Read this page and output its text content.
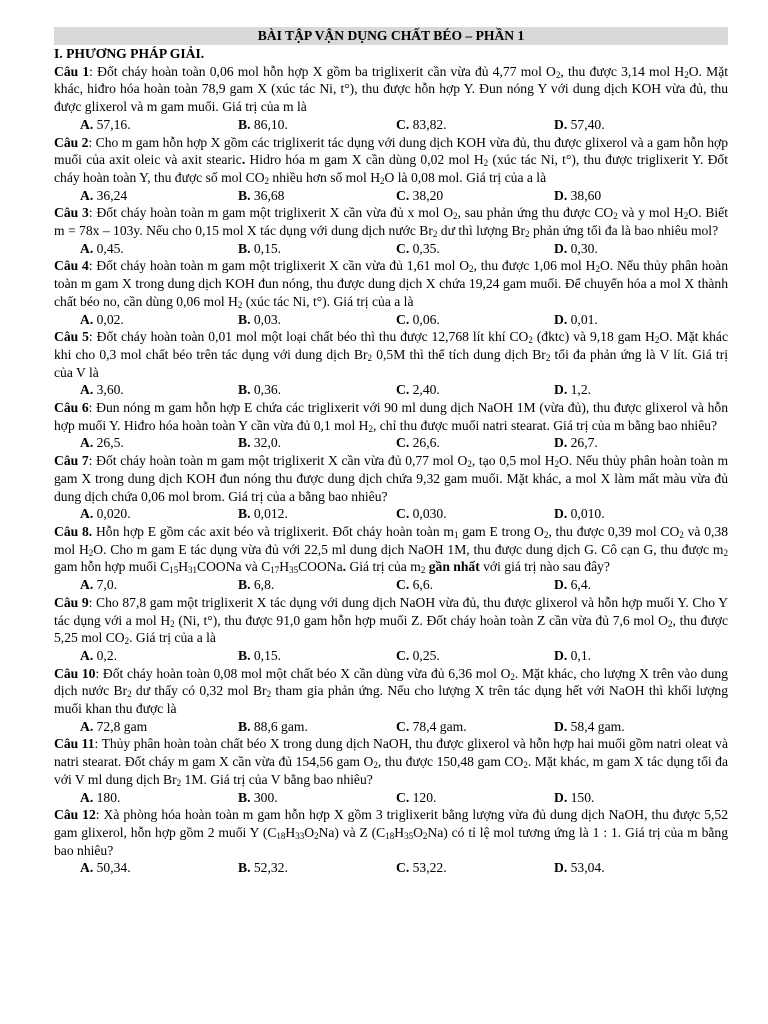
BÀI TẬP VẬN DỤNG CHẤT BÉO – PHẦN 1
I. PHƯƠNG PHÁP GIẢI.
Câu 1: Đốt cháy hoàn toàn 0,06 mol hỗn hợp X gồm ba triglixerit cần vừa đủ 4,77 mol $O_2$, thu được 3,14 mol $H_2O$. Mặt khác, hiđro hóa hoàn toàn 78,9 gam X (xúc tác Ni, t°), thu được hỗn hợp Y. Đun nóng Y với dung dịch KOH vừa đủ, thu được glixerol và m gam muối. Giá trị của m là
A. 57,16.	B. 86,10.	C. 83,82.	D. 57,40.
Câu 2: Cho m gam hỗn hợp X gồm các triglixerit tác dụng với dung dịch KOH vừa đủ, thu được glixerol và a gam hỗn hợp muối của axit oleic và axit stearic. Hidro hóa m gam X cần dùng 0,02 mol $H_2$ (xúc tác Ni, t°), thu được triglixerit Y. Đốt cháy hoàn toàn Y, thu được số mol $CO_2$ nhiều hơn số mol $H_2O$ là 0,08 mol. Giá trị của a là
A. 36,24	B. 36,68	C. 38,20	D. 38,60
Câu 3: Đốt cháy hoàn toàn m gam một triglixerit X cần vừa đủ x mol $O_2$, sau phản ứng thu được $CO_2$ và y mol $H_2O$. Biết m = 78x – 103y. Nếu cho 0,15 mol X tác dụng với dung dịch nước $Br_2$ dư thì lượng $Br_2$ phản ứng tối đa là bao nhiêu mol?
A. 0,45.	B. 0,15.	C. 0,35.	D. 0,30.
Câu 4: Đốt cháy hoàn toàn m gam một triglixerit X cần vừa đủ 1,61 mol $O_2$, thu được 1,06 mol $H_2O$. Nếu thủy phân hoàn toàn m gam X trong dung dịch KOH đun nóng, thu được dung dịch X chứa 19,24 gam muối. Để chuyển hóa a mol X thành chất béo no, cần dùng 0,06 mol $H_2$ (xúc tác Ni, t°). Giá trị của a là
A. 0,02.	B. 0,03.	C. 0,06.	D. 0,01.
Câu 5: Đốt cháy hoàn toàn 0,01 mol một loại chất béo thì thu được 12,768 lít khí $CO_2$ (đktc) và 9,18 gam $H_2O$. Mặt khác khi cho 0,3 mol chất béo trên tác dụng với dung dịch $Br_2$ 0,5M thì thể tích dung dịch $Br_2$ tối đa phản ứng là V lít. Giá trị của V là
A. 3,60.	B. 0,36.	C. 2,40.	D. 1,2.
Câu 6: Đun nóng m gam hỗn hợp E chứa các triglixerit với 90 ml dung dịch NaOH 1M (vừa đủ), thu được glixerol và hỗn hợp muối Y. Hiđro hóa hoàn toàn Y cần vừa đủ 0,1 mol $H_2$, chỉ thu được muối natri stearat. Giá trị của m bằng bao nhiêu?
A. 26,5.	B. 32,0.	C. 26,6.	D. 26,7.
Câu 7: Đốt cháy hoàn toàn m gam một triglixerit X cần vừa đủ 0,77 mol $O_2$, tạo 0,5 mol $H_2O$. Nếu thủy phân hoàn toàn m gam X trong dung dịch KOH đun nóng thu được dung dịch chứa 9,32 gam muối. Mặt khác, a mol X làm mất màu vừa đủ dung dịch chứa 0,06 mol brom. Giá trị của a bằng bao nhiêu?
A. 0,020.	B. 0,012.	C. 0,030.	D. 0,010.
Câu 8. Hỗn hợp E gồm các axit béo và triglixerit. Đốt cháy hoàn toàn $m_1$ gam E trong $O_2$, thu được 0,39 mol $CO_2$ và 0,38 mol $H_2O$. Cho m gam E tác dụng vừa đủ với 22,5 ml dung dịch NaOH 1M, thu được dung dịch G. Cô cạn G, thu được $m_2$ gam hỗn hợp muối $C_{15}H_{31}COONa$ và $C_{17}H_{35}COONa$. Giá trị của $m_2$ gần nhất với giá trị nào sau đây?
A. 7,0.	B. 6,8.	C. 6,6.	D. 6,4.
Câu 9: Cho 87,8 gam một triglixerit X tác dụng với dung dịch NaOH vừa đủ, thu được glixerol và hỗn hợp muối Y. Cho Y tác dụng với a mol $H_2$ (Ni, t°), thu được 91,0 gam hỗn hợp muối Z. Đốt cháy hoàn toàn Z cần vừa đủ 7,6 mol $O_2$, thu được 5,25 mol $CO_2$. Giá trị của a là
A. 0,2.	B. 0,15.	C. 0,25.	D. 0,1.
Câu 10: Đốt cháy hoàn toàn 0,08 mol một chất béo X cần dùng vừa đủ 6,36 mol $O_2$. Mặt khác, cho lượng X trên vào dung dịch nước $Br_2$ dư thấy có 0,32 mol $Br_2$ tham gia phản ứng. Nếu cho lượng X trên tác dụng hết với NaOH thì khối lượng muối khan thu được là
A. 72,8 gam	B. 88,6 gam.	C. 78,4 gam.	D. 58,4 gam.
Câu 11: Thủy phân hoàn toàn chất béo X trong dung dịch NaOH, thu được glixerol và hỗn hợp hai muối gồm natri oleat và natri stearat. Đốt cháy m gam X cần vừa đủ 154,56 gam $O_2$, thu được 150,48 gam $CO_2$. Mặt khác, m gam X tác dụng tối đa với V ml dung dịch $Br_2$ 1M. Giá trị của V bằng bao nhiêu?
A. 180.	B. 300.	C. 120.	D. 150.
Câu 12: Xà phòng hóa hoàn toàn m gam hỗn hợp X gồm 3 triglixerit bằng lượng vừa đủ dung dịch NaOH, thu được 5,52 gam glixerol, hỗn hợp gồm 2 muối Y $(C_{18}H_{33}O_2Na)$ và Z $(C_{18}H_{35}O_2Na)$ có tỉ lệ mol tương ứng là 1 : 1. Giá trị của m bằng bao nhiêu?
A. 50,34.	B. 52,32.	C. 53,22.	D. 53,04.
